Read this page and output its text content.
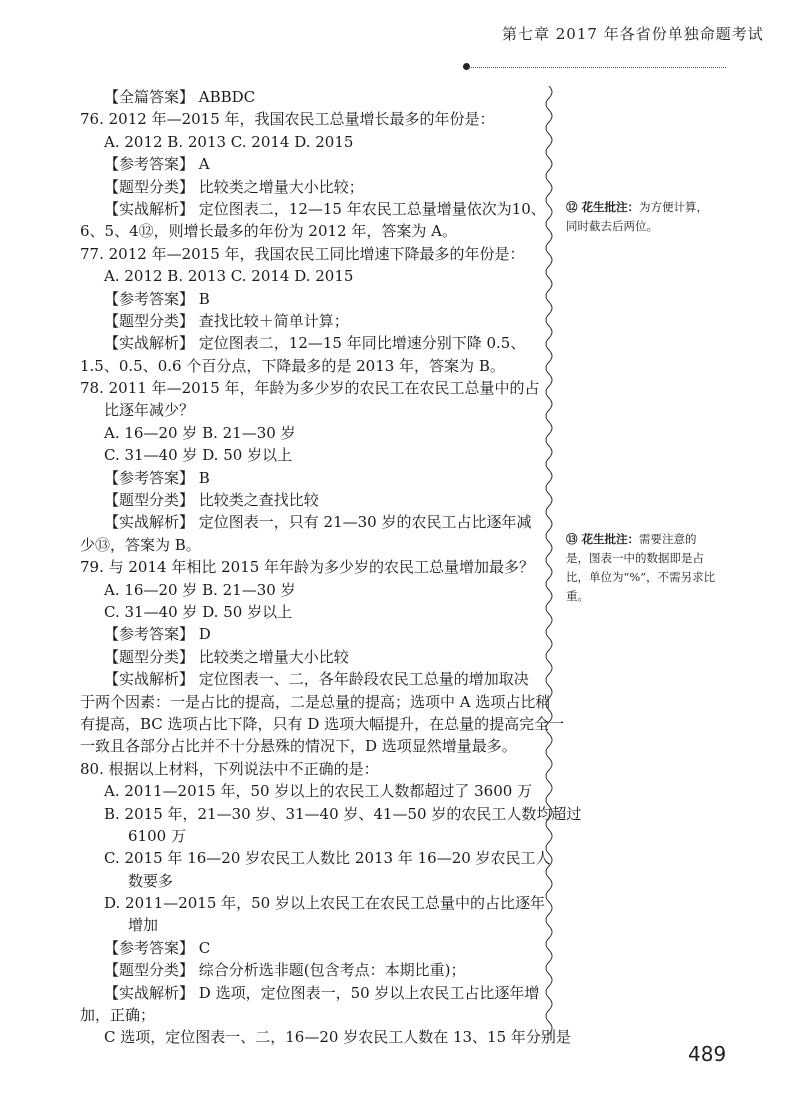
第七章 2017 年各省份单独命题考试
【全篇答案】 ABBDC
76. 2012 年—2015 年，我国农民工总量增长最多的年份是：
A. 2012 B. 2013 C. 2014 D. 2015
【参考答案】 A
【题型分类】 比较类之增量大小比较；
【实战解析】 定位图表二，12—15 年农民工总量增量依次为10、
6、5、4⑫，则增长最多的年份为 2012 年，答案为 A。
77. 2012 年—2015 年，我国农民工同比增速下降最多的年份是：
A. 2012 B. 2013 C. 2014 D. 2015
【参考答案】 B
【题型分类】 查找比较＋简单计算；
【实战解析】 定位图表二，12—15 年同比增速分别下降 0.5、
1.5、0.5、0.6 个百分点，下降最多的是 2013 年，答案为 B。
78. 2011 年—2015 年，年龄为多少岁的农民工在农民工总量中的占
比逐年减少？
A. 16—20 岁 B. 21—30 岁
C. 31—40 岁 D. 50 岁以上
【参考答案】 B
【题型分类】 比较类之查找比较
【实战解析】 定位图表一，只有 21—30 岁的农民工占比逐年减
少⑬，答案为 B。
79. 与 2014 年相比 2015 年年龄为多少岁的农民工总量增加最多？
A. 16—20 岁 B. 21—30 岁
C. 31—40 岁 D. 50 岁以上
【参考答案】 D
【题型分类】 比较类之增量大小比较
【实战解析】 定位图表一、二，各年龄段农民工总量的增加取决
于两个因素：一是占比的提高，二是总量的提高；选项中 A 选项占比稍
有提高，BC 选项占比下降，只有 D 选项大幅提升，在总量的提高完全一
一致且各部分占比并不十分悬殊的情况下，D 选项显然增量最多。
80. 根据以上材料，下列说法中不正确的是：
A. 2011—2015 年，50 岁以上的农民工人数都超过了 3600 万
B. 2015 年，21—30 岁、31—40 岁、41—50 岁的农民工人数均超过
6100 万
C. 2015 年 16—20 岁农民工人数比 2013 年 16—20 岁农民工人
数要多
D. 2011—2015 年，50 岁以上农民工在农民工总量中的占比逐年
增加
【参考答案】 C
【题型分类】 综合分析选非题(包含考点：本期比重)；
【实战解析】 D 选项，定位图表一，50 岁以上农民工占比逐年增
加，正确；
C 选项，定位图表一、二，16—20 岁农民工人数在 13、15 年分别是
⑫ 花生批注：为方便计算，同时截去后两位。
⑬ 花生批注：需要注意的是，图表一中的数据即是占比，单位为“%”，不需另求比重。
489
